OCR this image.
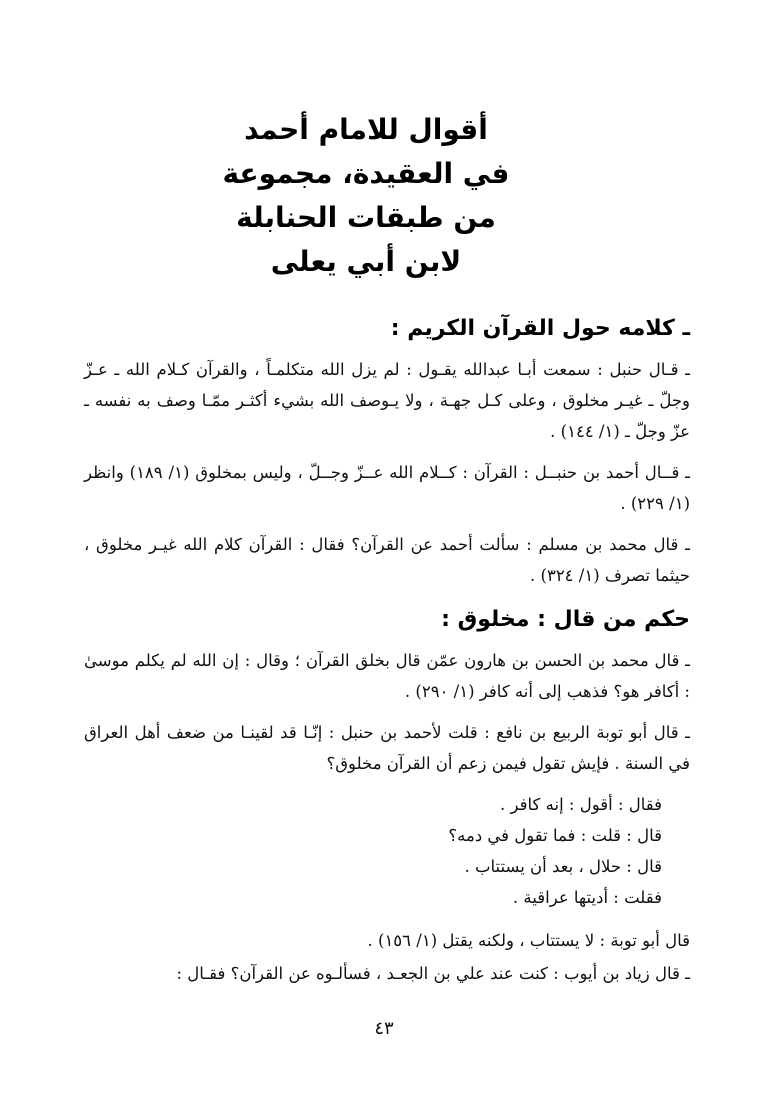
أقوال للامام أحمد

في العقيدة، مجموعة

من طبقات الحنابلة

لابن أبي يعلى

ـ كلامه حول القرآن الكريم :

ـ قـال حنبل : سمعت أبـا عبدالله يقـول : لم يزل الله متكلمـاً ، والقرآن كـلام الله ـ عـزّ وجلّ ـ غيـر مخلوق ، وعلى كـل جهـة ، ولا يـوصف الله بشيء أكثـر ممّـا وصف به نفسه ـ عزّ وجلّ ـ (١/ ١٤٤) .

ـ قــال أحمد بن حنبــل : القرآن : كــلام الله عــزّ وجــلّ ، وليس بمخلوق (١/ ١٨٩) وانظر (١/ ٢٢٩) .

ـ قال محمد بن مسلم : سألت أحمد عن القرآن؟ فقال : القرآن كلام الله غيـر مخلوق ، حيثما تصرف (١/ ٣٢٤) .

حكم من قال : مخلوق :

ـ قال محمد بن الحسن بن هارون عمّن قال بخلق القرآن ؛ وقال : إن الله لم يكلم موسىٰ : أكافر هو؟ فذهب إلى أنه كافر (١/ ٢٩٠) .

ـ قال أبو توبة الربيع بن نافع : قلت لأحمد بن حنبل : إنّـا قد لقينـا من ضعف أهل العراق في السنة . فإيش تقول فيمن زعم أن القرآن مخلوق؟

فقال : أقول : إنه كافر .

قال : قلت : فما تقول في دمه؟

قال : حلال ، بعد أن يستتاب .

فقلت : أديتها عراقية .

قال أبو توبة : لا يستتاب ، ولكنه يقتل (١/ ١٥٦) .

ـ قال زياد بن أيوب : كنت عند علي بن الجعـد ، فسألـوه عن القرآن؟ فقـال :

٤٣
